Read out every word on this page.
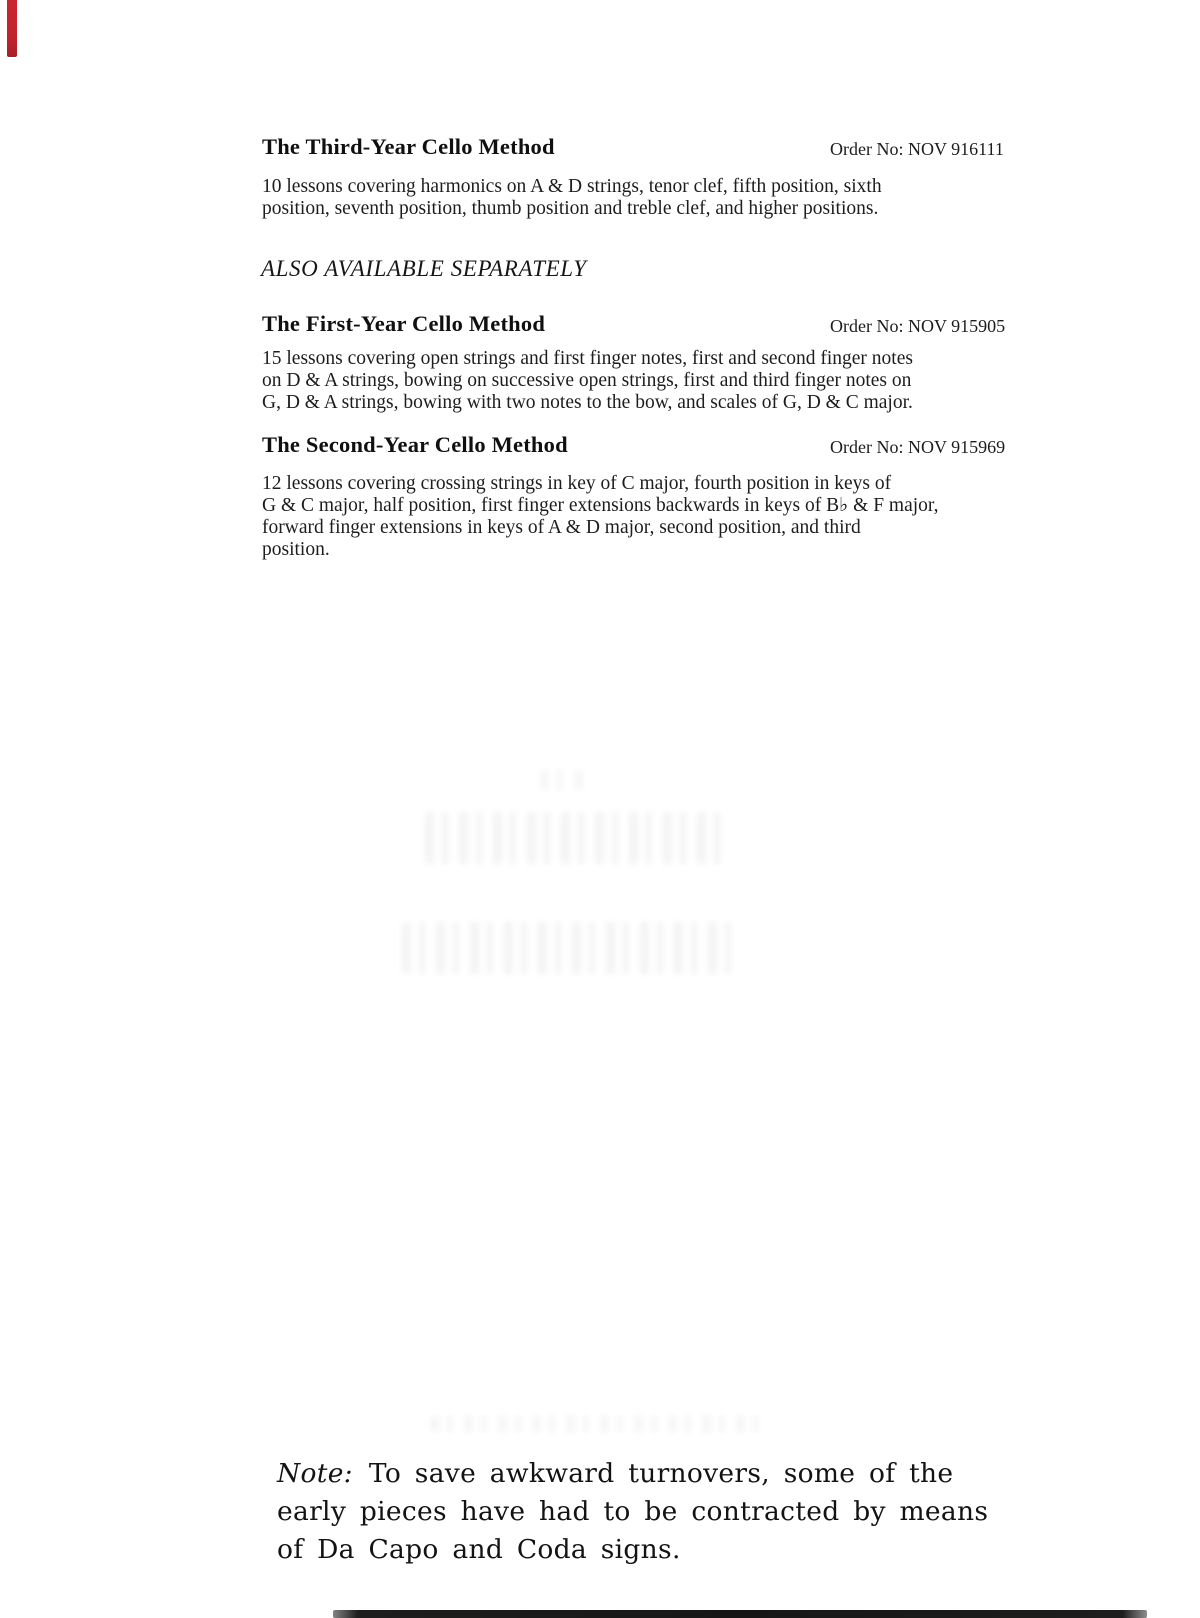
The Third-Year Cello Method	Order No: NOV 916111
10 lessons covering harmonics on A & D strings, tenor clef, fifth position, sixth
position, seventh position, thumb position and treble clef, and higher positions.
ALSO AVAILABLE SEPARATELY
The First-Year Cello Method	Order No: NOV 915905
15 lessons covering open strings and first finger notes, first and second finger notes
on D & A strings, bowing on successive open strings, first and third finger notes on
G, D & A strings, bowing with two notes to the bow, and scales of G, D & C major.
The Second-Year Cello Method	Order No: NOV 915969
12 lessons covering crossing strings in key of C major, fourth position in keys of
G & C major, half position, first finger extensions backwards in keys of B♭ & F major,
forward finger extensions in keys of A & D major, second position, and third
position.
Note: To save awkward turnovers, some of the
early pieces have had to be contracted by means
of Da Capo and Coda signs.
